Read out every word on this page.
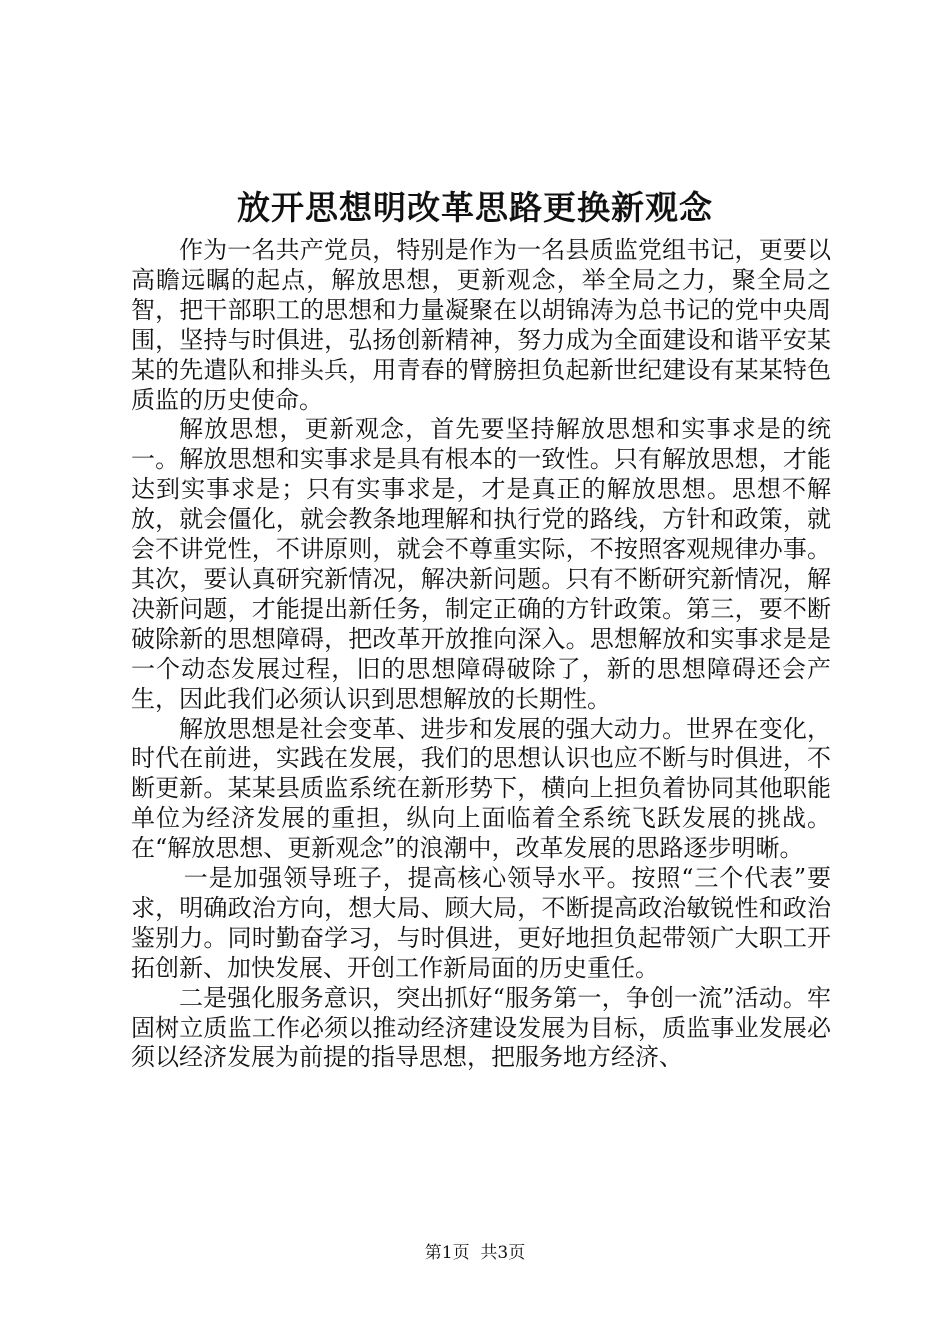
放开思想明改革思路更换新观念

作为一名共产党员，特别是作为一名县质监党组书记，更要以高瞻远瞩的起点，解放思想，更新观念，举全局之力，聚全局之智，把干部职工的思想和力量凝聚在以胡锦涛为总书记的党中央周围，坚持与时俱进，弘扬创新精神，努力成为全面建设和谐平安某某的先遣队和排头兵，用青春的臂膀担负起新世纪建设有某某特色质监的历史使命。

解放思想，更新观念，首先要坚持解放思想和实事求是的统一。解放思想和实事求是具有根本的一致性。只有解放思想，才能达到实事求是；只有实事求是，才是真正的解放思想。思想不解放，就会僵化，就会教条地理解和执行党的路线，方针和政策，就会不讲党性，不讲原则，就会不尊重实际，不按照客观规律办事。其次，要认真研究新情况，解决新问题。只有不断研究新情况，解决新问题，才能提出新任务，制定正确的方针政策。第三，要不断破除新的思想障碍，把改革开放推向深入。思想解放和实事求是是一个动态发展过程，旧的思想障碍破除了，新的思想障碍还会产生，因此我们必须认识到思想解放的长期性。

解放思想是社会变革、进步和发展的强大动力。世界在变化，时代在前进，实践在发展，我们的思想认识也应不断与时俱进，不断更新。某某县质监系统在新形势下，横向上担负着协同其他职能单位为经济发展的重担，纵向上面临着全系统飞跃发展的挑战。在“解放思想、更新观念”的浪潮中，改革发展的思路逐步明晰。

一是加强领导班子，提高核心领导水平。按照“三个代表”要求，明确政治方向，想大局、顾大局，不断提高政治敏锐性和政治鉴别力。同时勤奋学习，与时俱进，更好地担负起带领广大职工开拓创新、加快发展、开创工作新局面的历史重任。

二是强化服务意识，突出抓好“服务第一，争创一流”活动。牢固树立质监工作必须以推动经济建设发展为目标，质监事业发展必须以经济发展为前提的指导思想，把服务地方经济、

第1页  共3页
